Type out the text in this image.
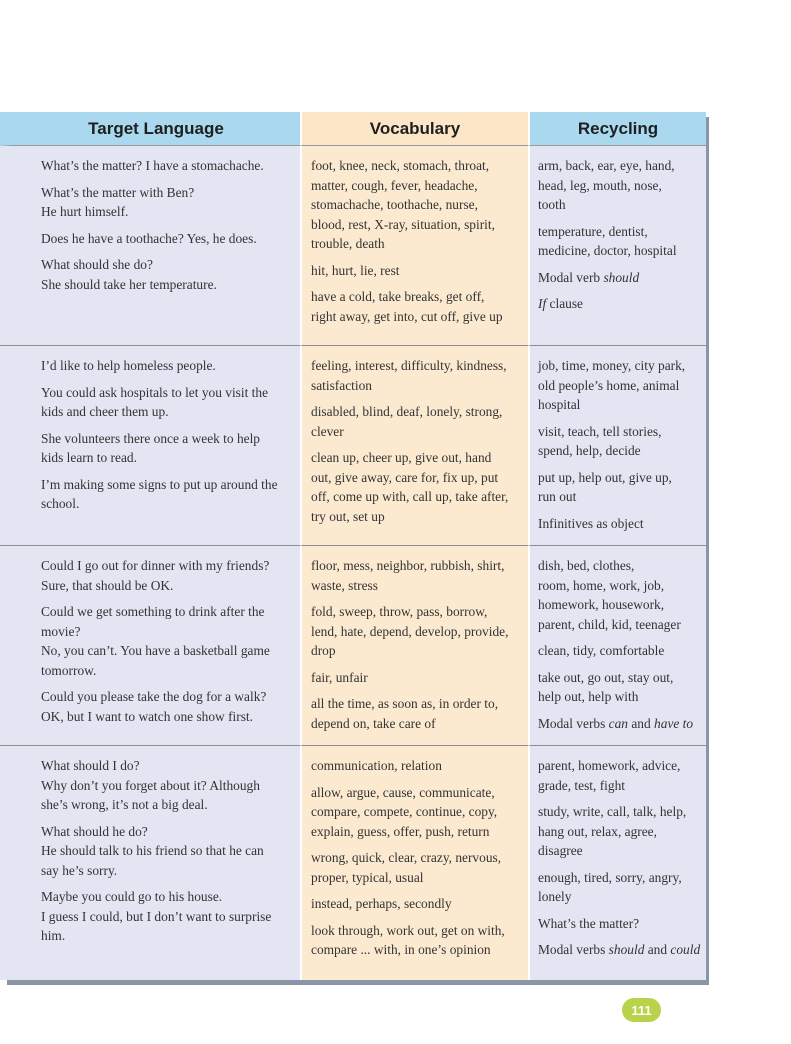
Target Language	Vocabulary	Recycling
What’s the matter? I have a stomachache.
What’s the matter with Ben?
He hurt himself.
Does he have a toothache? Yes, he does.
What should she do?
She should take her temperature.
foot, knee, neck, stomach, throat,
matter, cough, fever, headache,
stomachache, toothache, nurse,
blood, rest, X-ray, situation, spirit,
trouble, death
hit, hurt, lie, rest
have a cold, take breaks, get off,
right away, get into, cut off, give up
arm, back, ear, eye, hand,
head, leg, mouth, nose,
tooth
temperature, dentist,
medicine, doctor, hospital
Modal verb should
If clause
I’d like to help homeless people.
You could ask hospitals to let you visit the
kids and cheer them up.
She volunteers there once a week to help
kids learn to read.
I’m making some signs to put up around the
school.
feeling, interest, difficulty, kindness,
satisfaction
disabled, blind, deaf, lonely, strong,
clever
clean up, cheer up, give out, hand
out, give away, care for, fix up, put
off, come up with, call up, take after,
try out, set up
job, time, money, city park,
old people’s home, animal
hospital
visit, teach, tell stories,
spend, help, decide
put up, help out, give up,
run out
Infinitives as object
Could I go out for dinner with my friends?
Sure, that should be OK.
Could we get something to drink after the
movie?
No, you can’t. You have a basketball game
tomorrow.
Could you please take the dog for a walk?
OK, but I want to watch one show first.
floor, mess, neighbor, rubbish, shirt,
waste, stress
fold, sweep, throw, pass, borrow,
lend, hate, depend, develop, provide,
drop
fair, unfair
all the time, as soon as, in order to,
depend on, take care of
dish, bed, clothes,
room, home, work, job,
homework, housework,
parent, child, kid, teenager
clean, tidy, comfortable
take out, go out, stay out,
help out, help with
Modal verbs can and have to
What should I do?
Why don’t you forget about it? Although
she’s wrong, it’s not a big deal.
What should he do?
He should talk to his friend so that he can
say he’s sorry.
Maybe you could go to his house.
I guess I could, but I don’t want to surprise
him.
communication, relation
allow, argue, cause, communicate,
compare, compete, continue, copy,
explain, guess, offer, push, return
wrong, quick, clear, crazy, nervous,
proper, typical, usual
instead, perhaps, secondly
look through, work out, get on with,
compare ... with, in one’s opinion
parent, homework, advice,
grade, test, fight
study, write, call, talk, help,
hang out, relax, agree,
disagree
enough, tired, sorry, angry,
lonely
What’s the matter?
Modal verbs should and could
111
